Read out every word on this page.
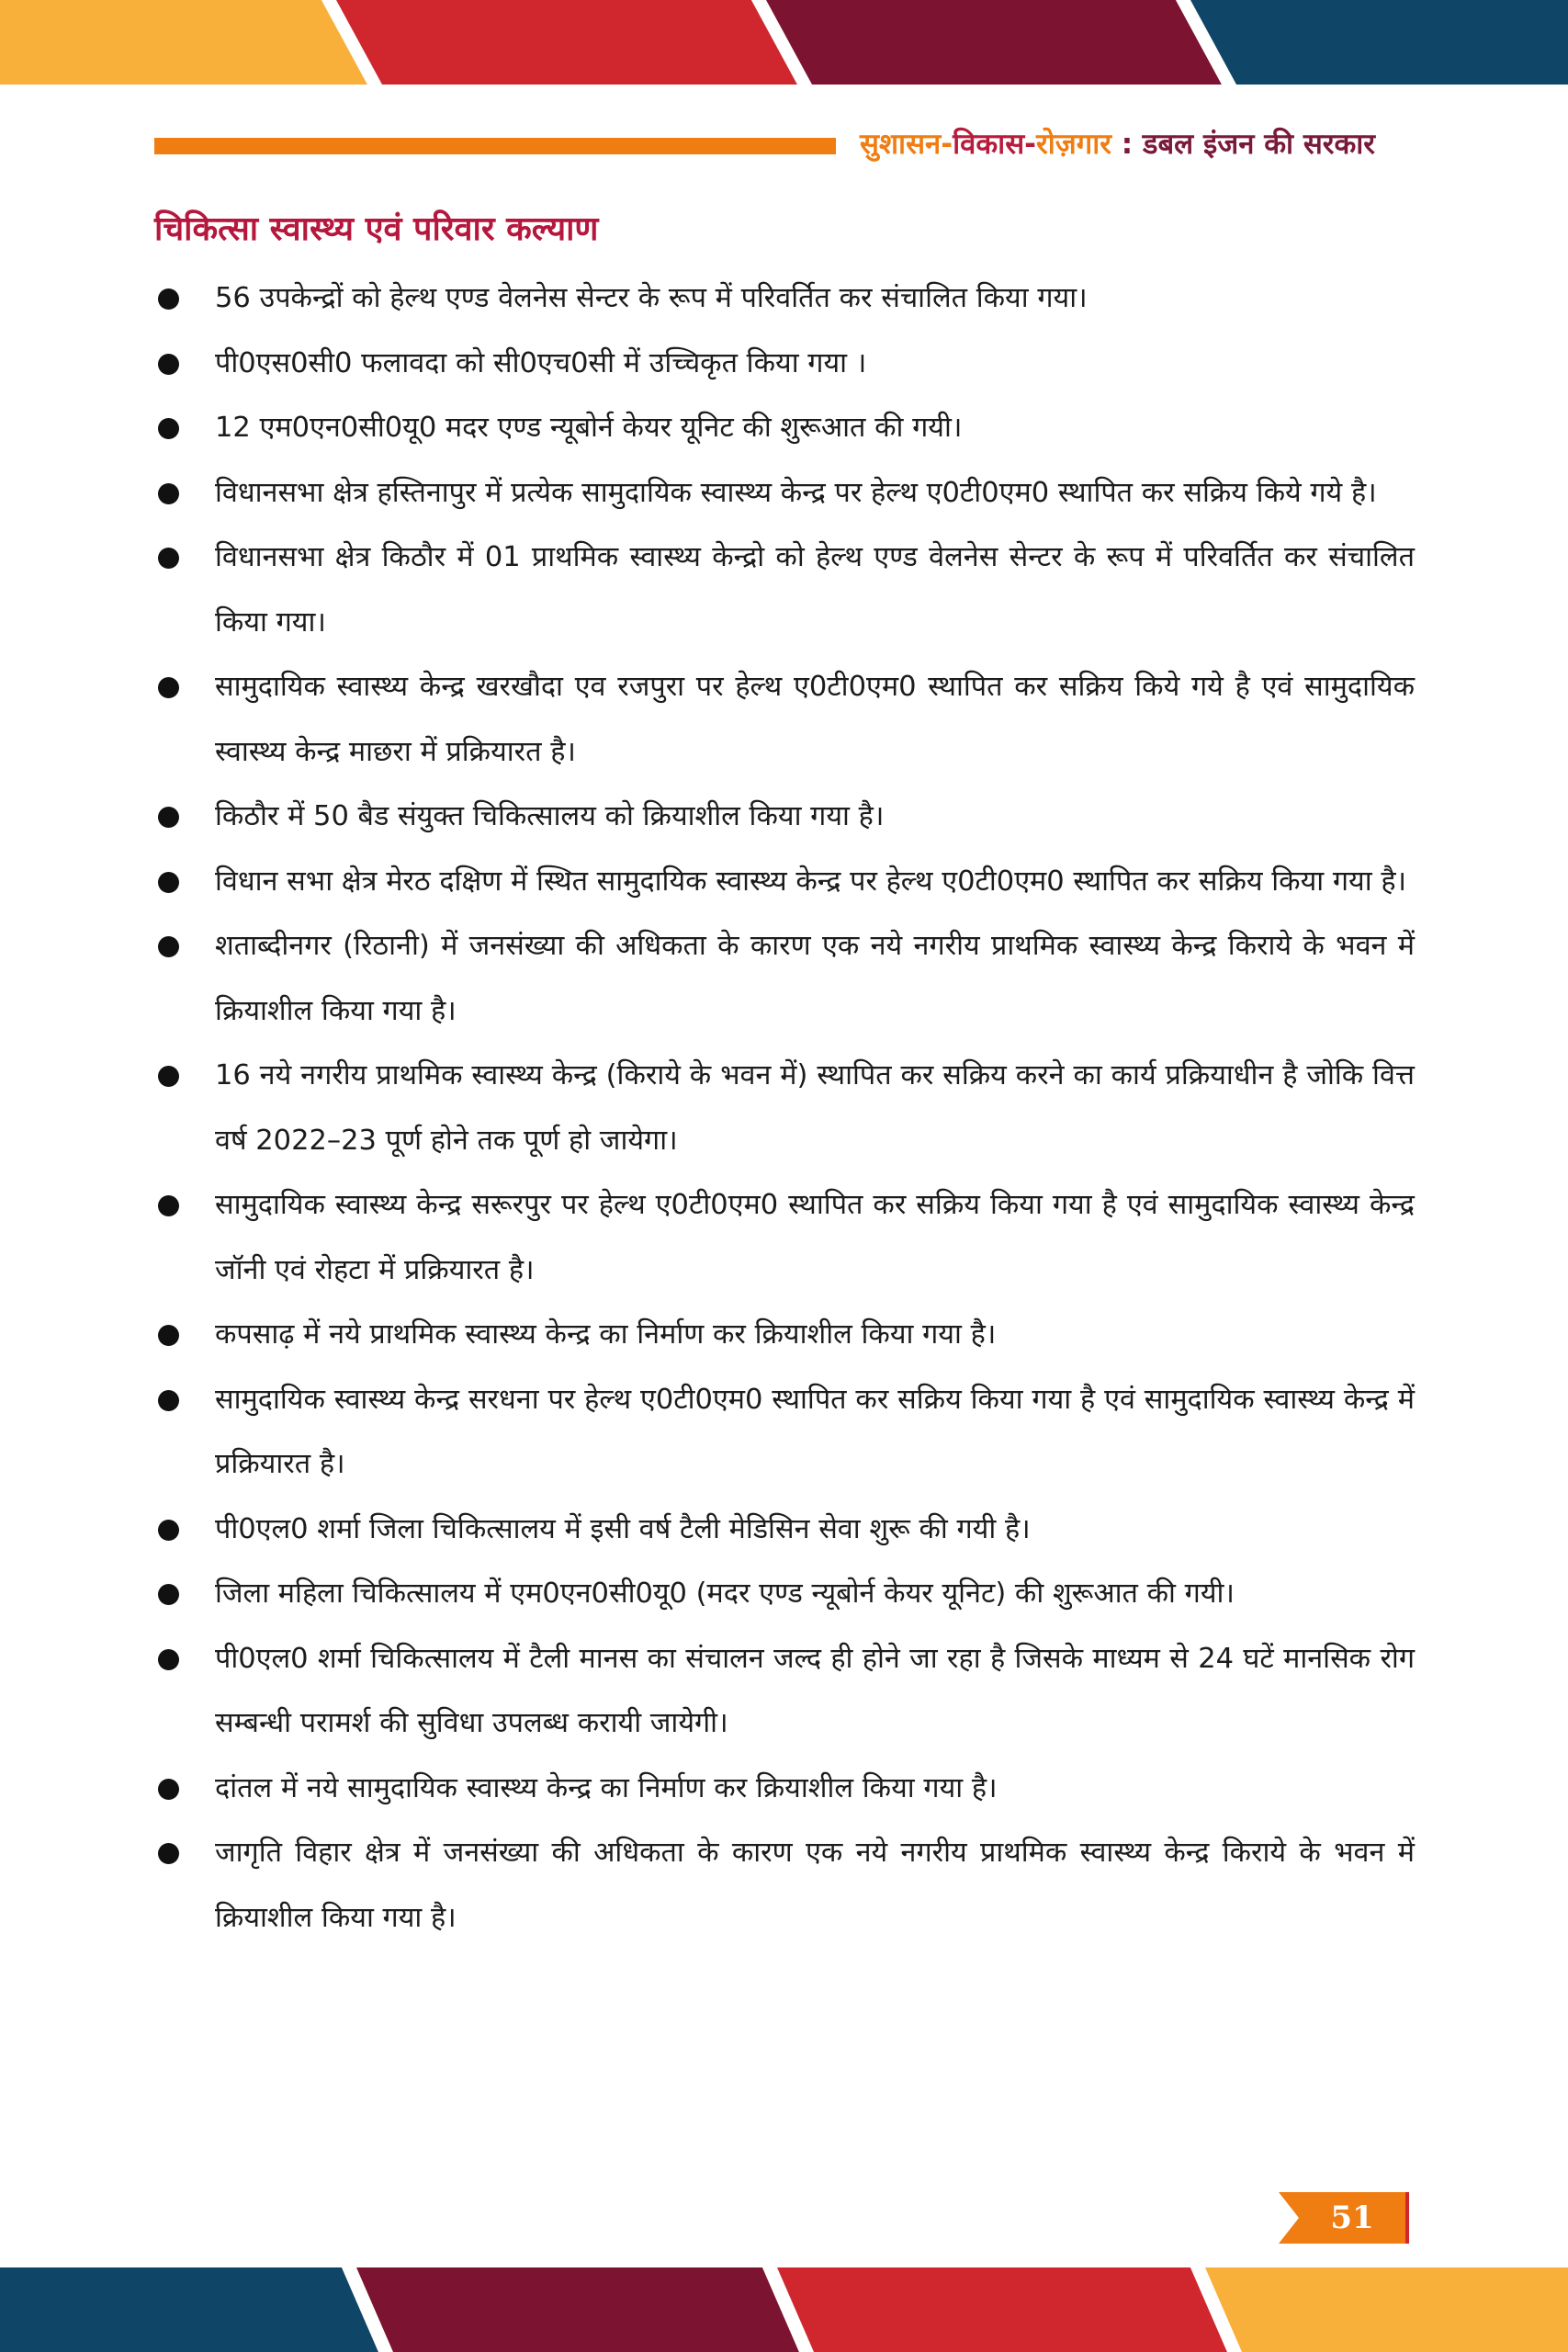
सुशासन-विकास-रोज़गार : डबल इंजन की सरकार
चिकित्सा स्वास्थ्य एवं परिवार कल्याण
56 उपकेन्द्रों को हेल्थ एण्ड वेलनेस सेन्टर के रूप में परिवर्तित कर संचालित किया गया।
पी0एस0सी0 फलावदा को सी0एच0सी में उच्चिकृत किया गया ।
12 एम0एन0सी0यू0 मदर एण्ड न्यूबोर्न केयर यूनिट की शुरूआत की गयी।
विधानसभा क्षेत्र हस्तिनापुर में प्रत्येक सामुदायिक स्वास्थ्य केन्द्र पर हेल्थ ए0टी0एम0 स्थापित कर सक्रिय किये गये है।
विधानसभा क्षेत्र किठौर में 01 प्राथमिक स्वास्थ्य केन्द्रो को हेल्थ एण्ड वेलनेस सेन्टर के रूप में परिवर्तित कर संचालित किया गया।
सामुदायिक स्वास्थ्य केन्द्र खरखौदा एव रजपुरा पर हेल्थ ए0टी0एम0 स्थापित कर सक्रिय किये गये है एवं सामुदायिक स्वास्थ्य केन्द्र माछरा में प्रक्रियारत है।
किठौर में 50 बैड संयुक्त चिकित्सालय को क्रियाशील किया गया है।
विधान सभा क्षेत्र मेरठ दक्षिण में स्थित सामुदायिक स्वास्थ्य केन्द्र पर हेल्थ ए0टी0एम0 स्थापित कर सक्रिय किया गया है।
शताब्दीनगर (रिठानी) में जनसंख्या की अधिकता के कारण एक नये नगरीय प्राथमिक स्वास्थ्य केन्द्र किराये के भवन में क्रियाशील किया गया है।
16 नये नगरीय प्राथमिक स्वास्थ्य केन्द्र (किराये के भवन में) स्थापित कर सक्रिय करने का कार्य प्रक्रियाधीन है जोकि वित्त वर्ष 2022–23 पूर्ण होने तक पूर्ण हो जायेगा।
सामुदायिक स्वास्थ्य केन्द्र सरूरपुर पर हेल्थ ए0टी0एम0 स्थापित कर सक्रिय किया गया है एवं सामुदायिक स्वास्थ्य केन्द्र जॉनी एवं रोहटा में प्रक्रियारत है।
कपसाढ़ में नये प्राथमिक स्वास्थ्य केन्द्र का निर्माण कर क्रियाशील किया गया है।
सामुदायिक स्वास्थ्य केन्द्र सरधना पर हेल्थ ए0टी0एम0 स्थापित कर सक्रिय किया गया है एवं सामुदायिक स्वास्थ्य केन्द्र में प्रक्रियारत है।
पी0एल0 शर्मा जिला चिकित्सालय में इसी वर्ष टैली मेडिसिन सेवा शुरू की गयी है।
जिला महिला चिकित्सालय में एम0एन0सी0यू0 (मदर एण्ड न्यूबोर्न केयर यूनिट) की शुरूआत की गयी।
पी0एल0 शर्मा चिकित्सालय में टैली मानस का संचालन जल्द ही होने जा रहा है जिसके माध्यम से 24 घटें मानसिक रोग सम्बन्धी परामर्श की सुविधा उपलब्ध करायी जायेगी।
दांतल में नये सामुदायिक स्वास्थ्य केन्द्र का निर्माण कर क्रियाशील किया गया है।
जागृति विहार क्षेत्र में जनसंख्या की अधिकता के कारण एक नये नगरीय प्राथमिक स्वास्थ्य केन्द्र किराये के भवन में क्रियाशील किया गया है।
51
